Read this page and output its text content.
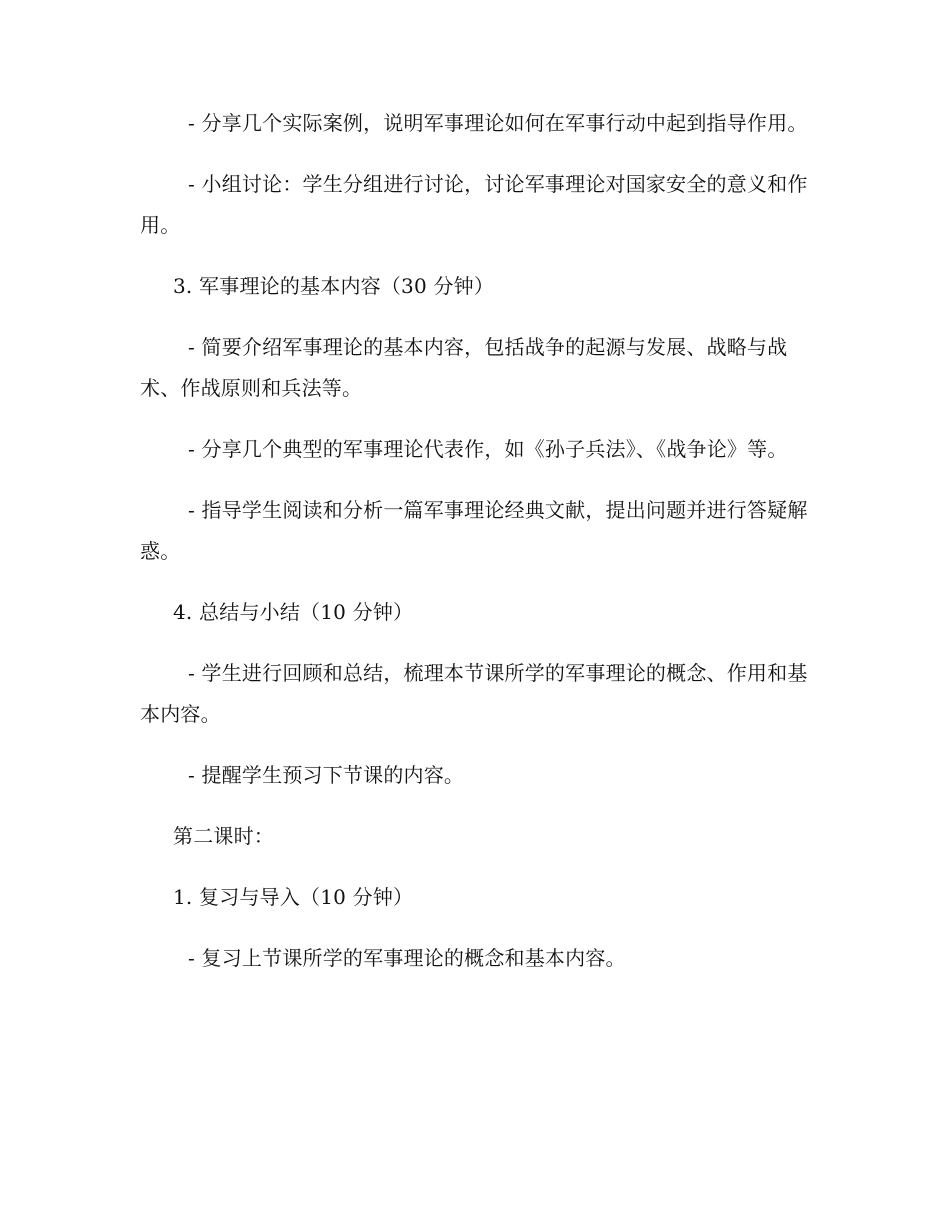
- 分享几个实际案例，说明军事理论如何在军事行动中起到指导作用。

- 小组讨论：学生分组进行讨论，讨论军事理论对国家安全的意义和作用。

3. 军事理论的基本内容（30 分钟）

- 简要介绍军事理论的基本内容，包括战争的起源与发展、战略与战术、作战原则和兵法等。

- 分享几个典型的军事理论代表作，如《孙子兵法》、《战争论》等。

- 指导学生阅读和分析一篇军事理论经典文献，提出问题并进行答疑解惑。

4. 总结与小结（10 分钟）

- 学生进行回顾和总结，梳理本节课所学的军事理论的概念、作用和基本内容。

- 提醒学生预习下节课的内容。

第二课时：

1. 复习与导入（10 分钟）

- 复习上节课所学的军事理论的概念和基本内容。
